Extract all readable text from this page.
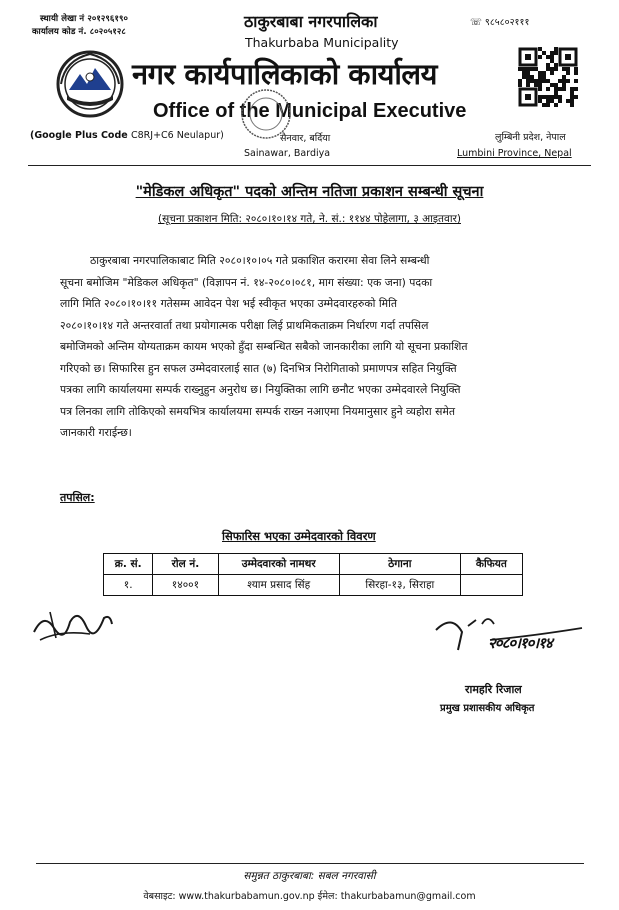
स्थायी लेखा नं २०१२९६१९०
कार्यालय कोड नं. ८०२०५१२८
ठाकुरबाबा नगरपालिका
Thakurbaba Municipality
☏ ९८५८०२१११
नगर कार्यपालिकाको कार्यालय
Office of the Municipal Executive
(Google Plus Code C8RJ+C6 Neulapur)	सैनवार, बर्दिया
Sainawar, Bardiya
लुम्बिनी प्रदेश, नेपाल
Lumbini Province, Nepal
"मेडिकल अधिकृत" पदको अन्तिम नतिजा प्रकाशन सम्बन्धी सूचना
(सूचना प्रकाशन मिति: २०८०।१०।१४ गते, ने. सं.: ११४४ पोहेलागा, ३ आइतवार)
ठाकुरबाबा नगरपालिकाबाट मिति २०८०।१०।०५ गते प्रकाशित करारमा सेवा लिने सम्बन्धी
सूचना बमोजिम "मेडिकल अधिकृत" (विज्ञापन नं. १४-२०८०।०८१, माग संख्या: एक जना) पदका
लागि मिति २०८०।१०।११ गतेसम्म आवेदन पेश भई स्वीकृत भएका उम्मेदवारहरुको मिति
२०८०।१०।१४ गते अन्तरवार्ता तथा प्रयोगात्मक परीक्षा लिई प्राथमिकताक्रम निर्धारण गर्दा तपसिल
बमोजिमको अन्तिम योग्यताक्रम कायम भएको हुँदा सम्बन्धित सबैको जानकारीका लागि यो सूचना प्रकाशित
गरिएको छ। सिफारिस हुन सफल उम्मेदवारलाई सात (७) दिनभित्र निरोगिताको प्रमाणपत्र सहित नियुक्ति
पत्रका लागि कार्यालयमा सम्पर्क राख्नुहुन अनुरोध छ। नियुक्तिका लागि छनौट भएका उम्मेदवारले नियुक्ति
पत्र लिनका लागि तोकिएको समयभित्र कार्यालयमा सम्पर्क राख्न नआएमा नियमानुसार हुने व्यहोरा समेत
जानकारी गराईन्छ।
तपसिल:
सिफारिस भएका उम्मेदवारको विवरण
क्र. सं.	रोल नं.	उम्मेदवारको नामथर	ठेगाना	कैफियत
१.	१४००१	श्याम प्रसाद सिंह	सिरहा-१३, सिराहा	
२०८०।१०।१४
रामहरि रिजाल
प्रमुख प्रशासकीय अधिकृत
समुन्नत ठाकुरबाबा: सबल नगरवासी
वेबसाइट: www.thakurbabamun.gov.np ईमेल: thakurbabamun@gmail.com
